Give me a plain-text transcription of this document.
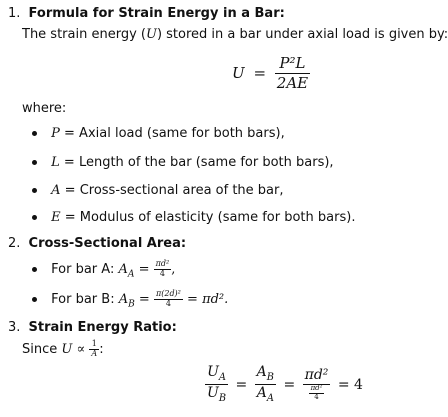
1. Formula for Strain Energy in a Bar:
The strain energy (U) stored in a bar under axial load is given by:
$U = \frac{\text{P²L}}{2AE}$
where:
P = Axial load (same for both bars),
L = Length of the bar (same for both bars),
A = Cross-sectional area of the bar,
E = Modulus of elasticity (same for both bars).
2. Cross-Sectional Area:
For bar A: $A_A = \frac{\text{πd²}}{4}$ ,
For bar B: $A_B = \frac{\text{π(2d)²}}{4} = \pi d^2$.
3. Strain Energy Ratio:
Since $U \propto \frac{1}{A}$ :
$\frac{U_A}{U_B} = \frac{A_B}{A_A} = \frac{\text{πd²}}{\frac{\text{πd²}}{4}} = 4$
